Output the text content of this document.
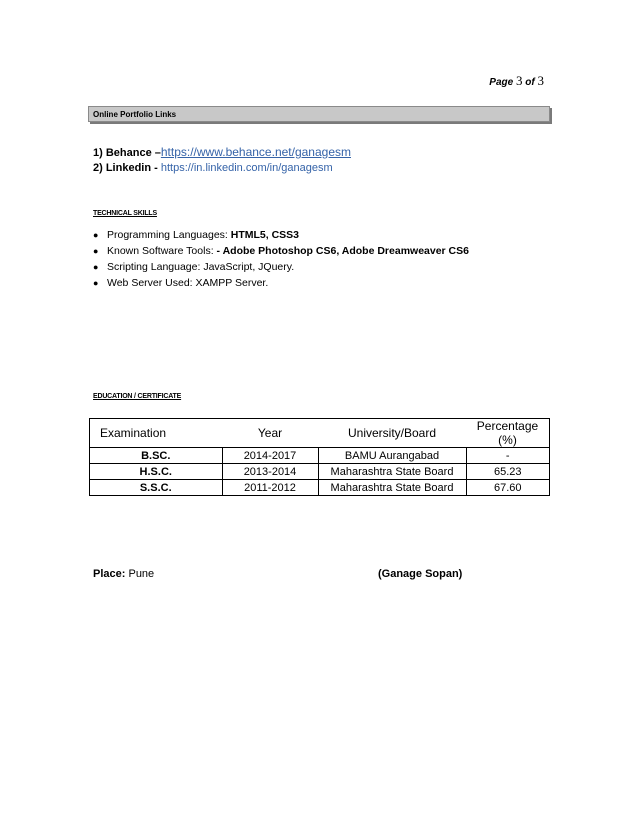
Page 3 of 3
Online Portfolio Links
1) Behance –https://www.behance.net/ganagesm
2) Linkedin - https://in.linkedin.com/in/ganagesm
TECHNICAL SKILLS
● Programming Languages: HTML5, CSS3
● Known Software Tools: - Adobe Photoshop CS6, Adobe Dreamweaver CS6
● Scripting Language: JavaScript, JQuery.
● Web Server Used: XAMPP Server.
EDUCATION / CERTIFICATE
Examination	Year	University/Board	Percentage (%)
B.SC.	2014-2017	BAMU Aurangabad	-
H.S.C.	2013-2014	Maharashtra State Board	65.23
S.S.C.	2011-2012	Maharashtra State Board	67.60
Place: Pune	(Ganage Sopan)
